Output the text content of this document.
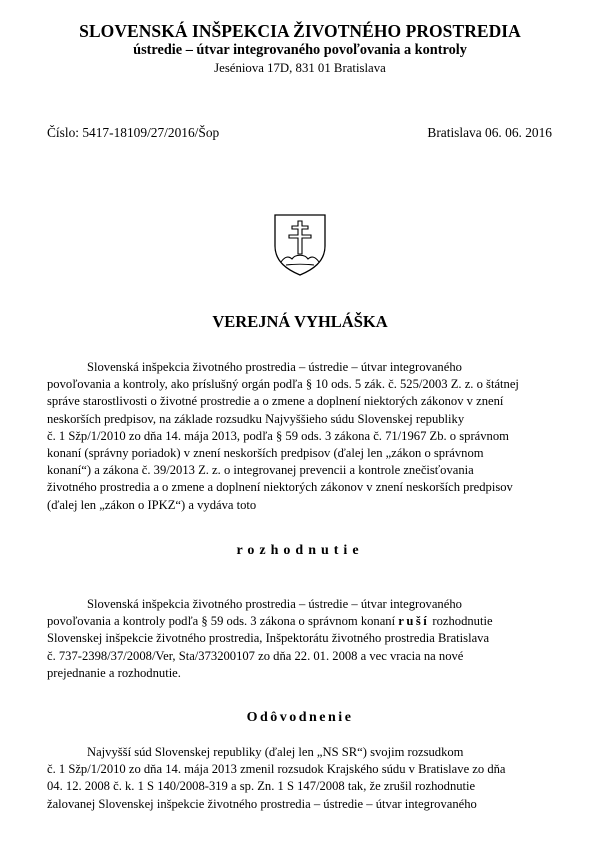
SLOVENSKÁ INŠPEKCIA ŽIVOTNÉHO PROSTREDIA
ústredie – útvar integrovaného povoľovania a kontroly
Jeséniova 17D, 831 01 Bratislava
Číslo: 5417-18109/27/2016/Šop	Bratislava 06. 06. 2016
VEREJNÁ VYHLÁŠKA

Slovenská inšpekcia životného prostredia – ústredie – útvar integrovaného

povoľovania a kontroly, ako príslušný orgán podľa § 10 ods. 5 zák. č. 525/2003 Z. z. o štátnej

správe starostlivosti o životné prostredie a o zmene a doplnení niektorých zákonov v znení

neskorších predpisov, na základe rozsudku Najvyššieho súdu Slovenskej republiky

č. 1 Sžp/1/2010 zo dňa 14. mája 2013, podľa § 59 ods. 3 zákona č. 71/1967 Zb. o správnom

konaní (správny poriadok) v znení neskorších predpisov (ďalej len „zákon o správnom

konaní“) a zákona č. 39/2013 Z. z. o integrovanej prevencii a kontrole znečisťovania

životného prostredia a o zmene a doplnení niektorých zákonov v znení neskorších predpisov

(ďalej len „zákon o IPKZ“) a vydáva toto

rozhodnutie

Slovenská inšpekcia životného prostredia – ústredie – útvar integrovaného

povoľovania a kontroly podľa § 59 ods. 3 zákona o správnom konaní ruší rozhodnutie

Slovenskej inšpekcie životného prostredia, Inšpektorátu životného prostredia Bratislava

č. 737-2398/37/2008/Ver, Sta/373200107 zo dňa 22. 01. 2008 a vec vracia na nové

prejednanie a rozhodnutie.

Odôvodnenie

Najvyšší súd Slovenskej republiky (ďalej len „NS SR“) svojim rozsudkom

č. 1 Sžp/1/2010 zo dňa 14. mája 2013 zmenil rozsudok Krajského súdu v Bratislave zo dňa

04. 12. 2008 č. k. 1 S 140/2008-319 a sp. Zn. 1 S 147/2008 tak, že zrušil rozhodnutie

žalovanej Slovenskej inšpekcie životného prostredia – ústredie – útvar integrovaného
